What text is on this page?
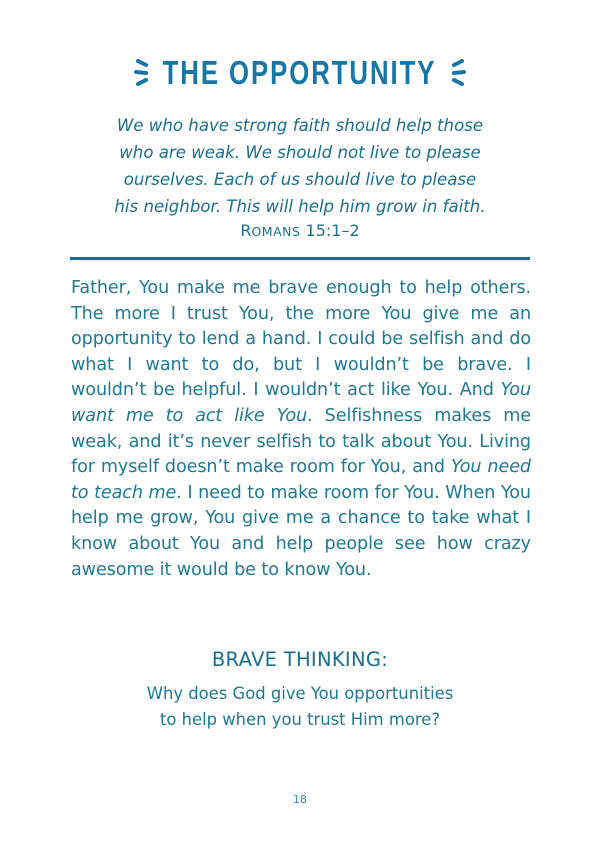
THE OPPORTUNITY
We who have strong faith should help those
who are weak. We should not live to please
ourselves. Each of us should live to please
his neighbor. This will help him grow in faith.
ROMANS 15:1–2

Father, You make me brave enough to help others. The more I trust You, the more You give me an opportunity to lend a hand. I could be selfish and do what I want to do, but I wouldn’t be brave. I wouldn’t be helpful. I wouldn’t act like You. And You want me to act like You. Selfishness makes me weak, and it’s never selfish to talk about You. Living for myself doesn’t make room for You, and You need to teach me. I need to make room for You. When You help me grow, You give me a chance to take what I know about You and help people see how crazy awesome it would be to know You.

BRAVE THINKING:
Why does God give You opportunities
to help when you trust Him more?
18
